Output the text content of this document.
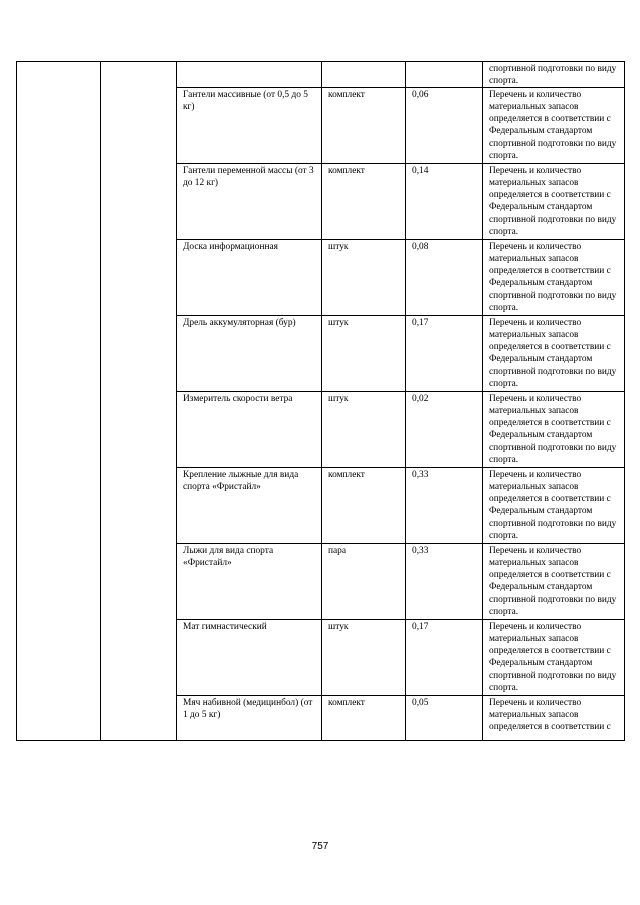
					спортивной подготовки по виду спорта.
		Гантели массивные (от 0,5 до 5 кг)	комплект	0,06	Перечень и количество материальных запасов определяется в соответствии с Федеральным стандартом спортивной подготовки по виду спорта.
		Гантели переменной массы (от 3 до 12 кг)	комплект	0,14	Перечень и количество материальных запасов определяется в соответствии с Федеральным стандартом спортивной подготовки по виду спорта.
		Доска информационная	штук	0,08	Перечень и количество материальных запасов определяется в соответствии с Федеральным стандартом спортивной подготовки по виду спорта.
		Дрель аккумуляторная (бур)	штук	0,17	Перечень и количество материальных запасов определяется в соответствии с Федеральным стандартом спортивной подготовки по виду спорта.
		Измеритель скорости ветра	штук	0,02	Перечень и количество материальных запасов определяется в соответствии с Федеральным стандартом спортивной подготовки по виду спорта.
		Крепление лыжные для вида спорта «Фристайл»	комплект	0,33	Перечень и количество материальных запасов определяется в соответствии с Федеральным стандартом спортивной подготовки по виду спорта.
		Лыжи для вида спорта «Фристайл»	пара	0,33	Перечень и количество материальных запасов определяется в соответствии с Федеральным стандартом спортивной подготовки по виду спорта.
		Мат гимнастический	штук	0,17	Перечень и количество материальных запасов определяется в соответствии с Федеральным стандартом спортивной подготовки по виду спорта.
		Мяч набивной (медицинбол) (от 1 до 5 кг)	комплект	0,05	Перечень и количество материальных запасов определяется в соответствии с
757
